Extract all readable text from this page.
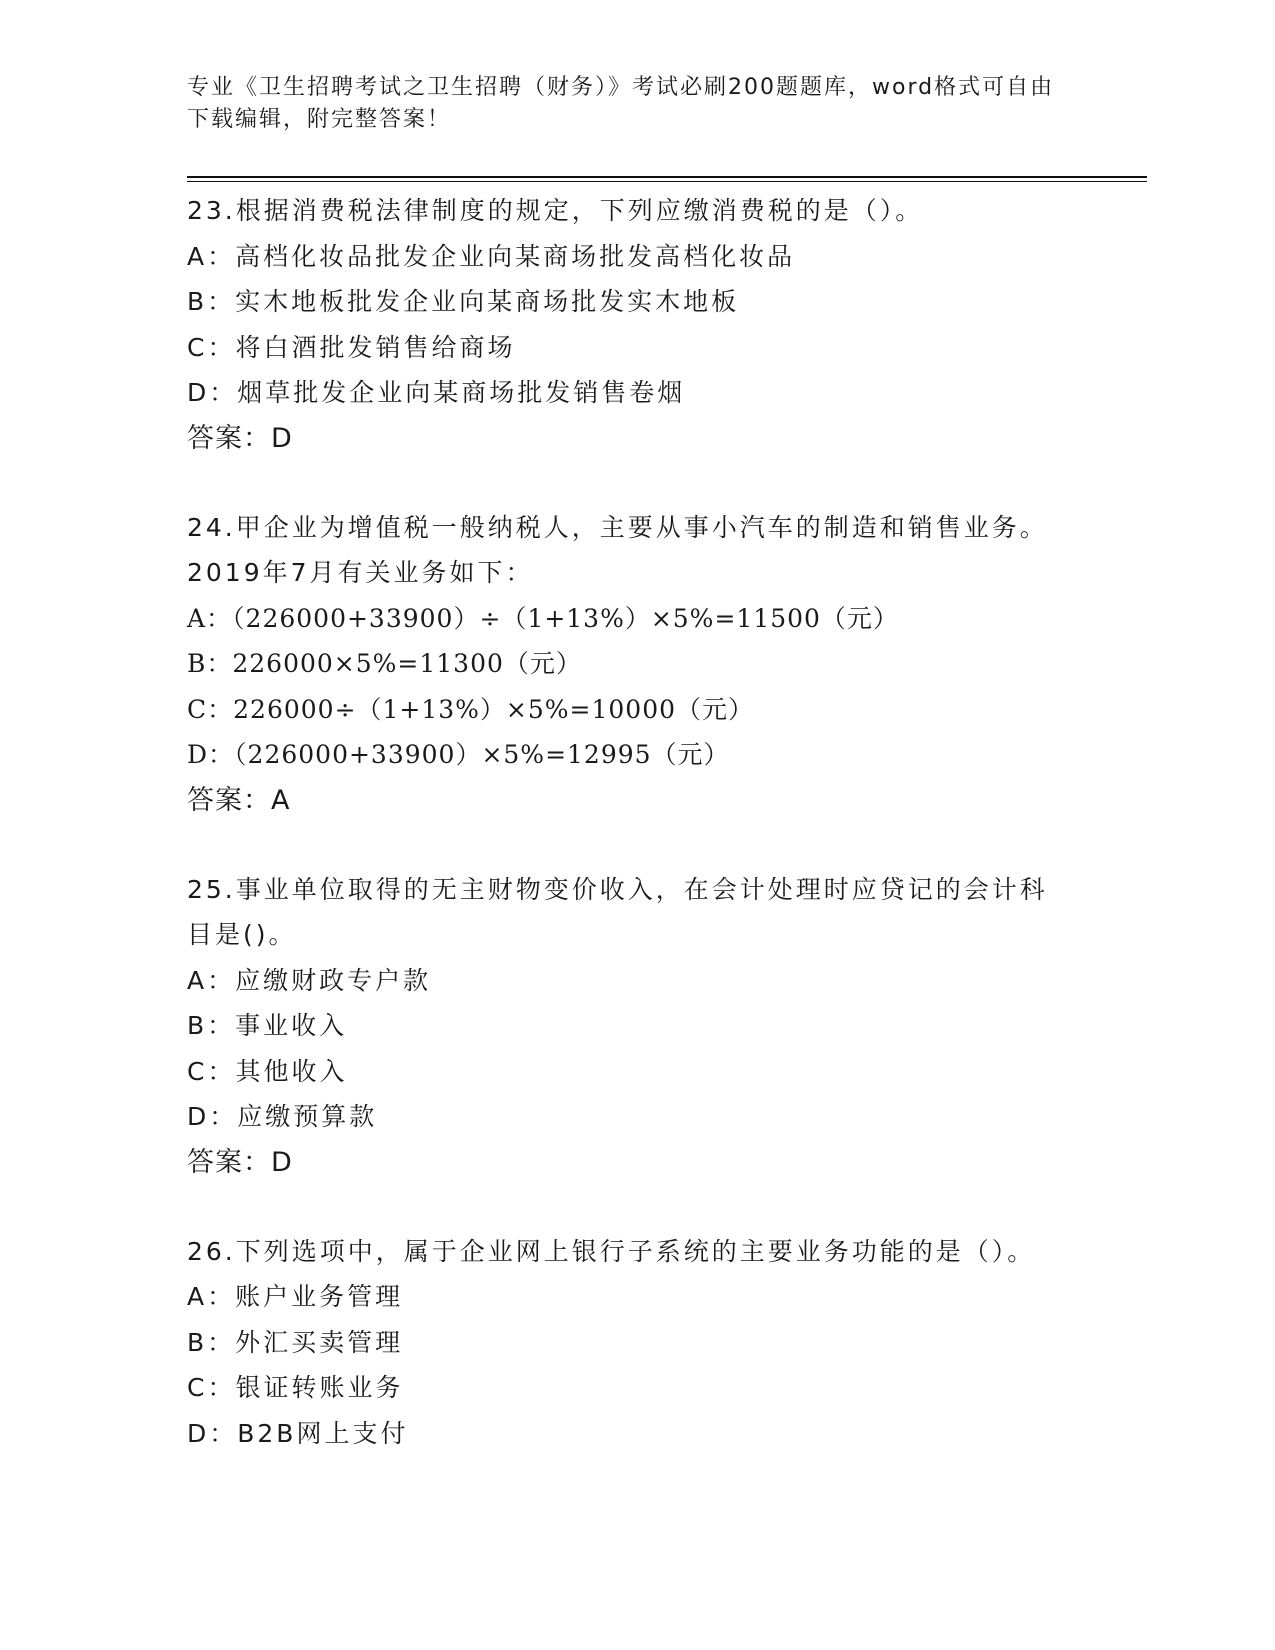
专业《卫生招聘考试之卫生招聘（财务）》考试必刷200题题库，word格式可自由下载编辑，附完整答案！
23.根据消费税法律制度的规定，下列应缴消费税的是（）。
A：高档化妆品批发企业向某商场批发高档化妆品
B：实木地板批发企业向某商场批发实木地板
C：将白酒批发销售给商场
D：烟草批发企业向某商场批发销售卷烟
答案：D
24.甲企业为增值税一般纳税人，主要从事小汽车的制造和销售业务。
2019年7月有关业务如下：
A：（226000+33900）÷（1+13%）×5%=11500（元）
B：226000×5%=11300（元）
C：226000÷（1+13%）×5%=10000（元）
D：（226000+33900）×5%=12995（元）
答案：A
25.事业单位取得的无主财物变价收入，在会计处理时应贷记的会计科
目是()。
A：应缴财政专户款
B：事业收入
C：其他收入
D：应缴预算款
答案：D
26.下列选项中，属于企业网上银行子系统的主要业务功能的是（）。
A：账户业务管理
B：外汇买卖管理
C：银证转账业务
D：B2B网上支付
